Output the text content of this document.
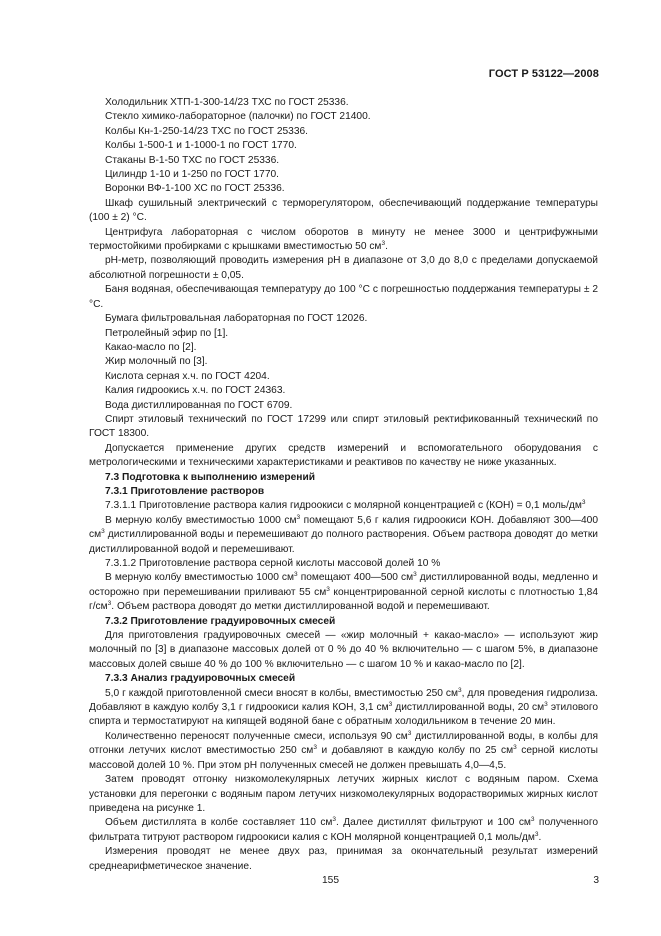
ГОСТ Р 53122—2008

Холодильник ХТП-1-300-14/23 ТХС по ГОСТ 25336.

Стекло химико-лабораторное (палочки) по ГОСТ 21400.

Колбы Кн-1-250-14/23 ТХС по ГОСТ 25336.

Колбы 1-500-1 и 1-1000-1 по ГОСТ 1770.

Стаканы В-1-50 ТХС по ГОСТ 25336.

Цилиндр 1-10 и 1-250 по ГОСТ 1770.

Воронки ВФ-1-100 ХС по ГОСТ 25336.

Шкаф сушильный электрический с терморегулятором, обеспечивающий поддержание температуры (100 ± 2) °С.

Центрифуга лабораторная с числом оборотов в минуту не менее 3000 и центрифужными термостойкими пробирками с крышками вместимостью 50 $см^3$.

рН-метр, позволяющий проводить измерения рН в диапазоне от 3,0 до 8,0 с пределами допускаемой абсолютной погрешности ± 0,05.

Баня водяная, обеспечивающая температуру до 100 °С с погрешностью поддержания температуры ± 2 °С.

Бумага фильтровальная лабораторная по ГОСТ 12026.

Петролейный эфир по [1].

Какао-масло по [2].

Жир молочный по [3].

Кислота серная х.ч. по ГОСТ 4204.

Калия гидроокись х.ч. по ГОСТ 24363.

Вода дистиллированная по ГОСТ 6709.

Спирт этиловый технический по ГОСТ 17299 или спирт этиловый ректификованный технический по ГОСТ 18300.

Допускается применение других средств измерений и вспомогательного оборудования с метрологическими и техническими характеристиками и реактивов по качеству не ниже указанных.

7.3 Подготовка к выполнению измерений

7.3.1 Приготовление растворов

7.3.1.1 Приготовление раствора калия гидроокиси с молярной концентрацией с (КОН) = 0,1 моль/$дм^3$

В мерную колбу вместимостью 1000 $см^3$ помещают 5,6 г калия гидроокиси КОН. Добавляют 300—400 $см^3$ дистиллированной воды и перемешивают до полного растворения. Объем раствора доводят до метки дистиллированной водой и перемешивают.

7.3.1.2 Приготовление раствора серной кислоты массовой долей 10 %

В мерную колбу вместимостью 1000 $см^3$ помещают 400—500 $см^3$ дистиллированной воды, медленно и осторожно при перемешивании приливают 55 $см^3$ концентрированной серной кислоты с плотностью 1,84 $г/см^3$. Объем раствора доводят до метки дистиллированной водой и перемешивают.

7.3.2 Приготовление градуировочных смесей

Для приготовления градуировочных смесей — «жир молочный + какао-масло» — используют жир молочный по [3] в диапазоне массовых долей от 0 % до 40 % включительно — с шагом 5%, в диапазоне массовых долей свыше 40 % до 100 % включительно — с шагом 10 % и какао-масло по [2].

7.3.3 Анализ градуировочных смесей

5,0 г каждой приготовленной смеси вносят в колбы, вместимостью 250 $см^3$, для проведения гидролиза. Добавляют в каждую колбу 3,1 г гидроокиси калия КОН, 3,1 $см^3$ дистиллированной воды, 20 $см^3$ этилового спирта и термостатируют на кипящей водяной бане с обратным холодильником в течение 20 мин.

Количественно переносят полученные смеси, используя 90 $см^3$ дистиллированной воды, в колбы для отгонки летучих кислот вместимостью 250 $см^3$ и добавляют в каждую колбу по 25 $см^3$ серной кислоты массовой долей 10 %. При этом рН полученных смесей не должен превышать 4,0—4,5.

Затем проводят отгонку низкомолекулярных летучих жирных кислот с водяным паром. Схема установки для перегонки с водяным паром летучих низкомолекулярных водорастворимых жирных кислот приведена на рисунке 1.

Объем дистиллята в колбе составляет 110 $см^3$. Далее дистиллят фильтруют и 100 $см^3$ полученного фильтрата титруют раствором гидроокиси калия с КОН молярной концентрацией 0,1 моль/$дм^3$.

Измерения проводят не менее двух раз, принимая за окончательный результат измерений среднеарифметическое значение.

155	3
